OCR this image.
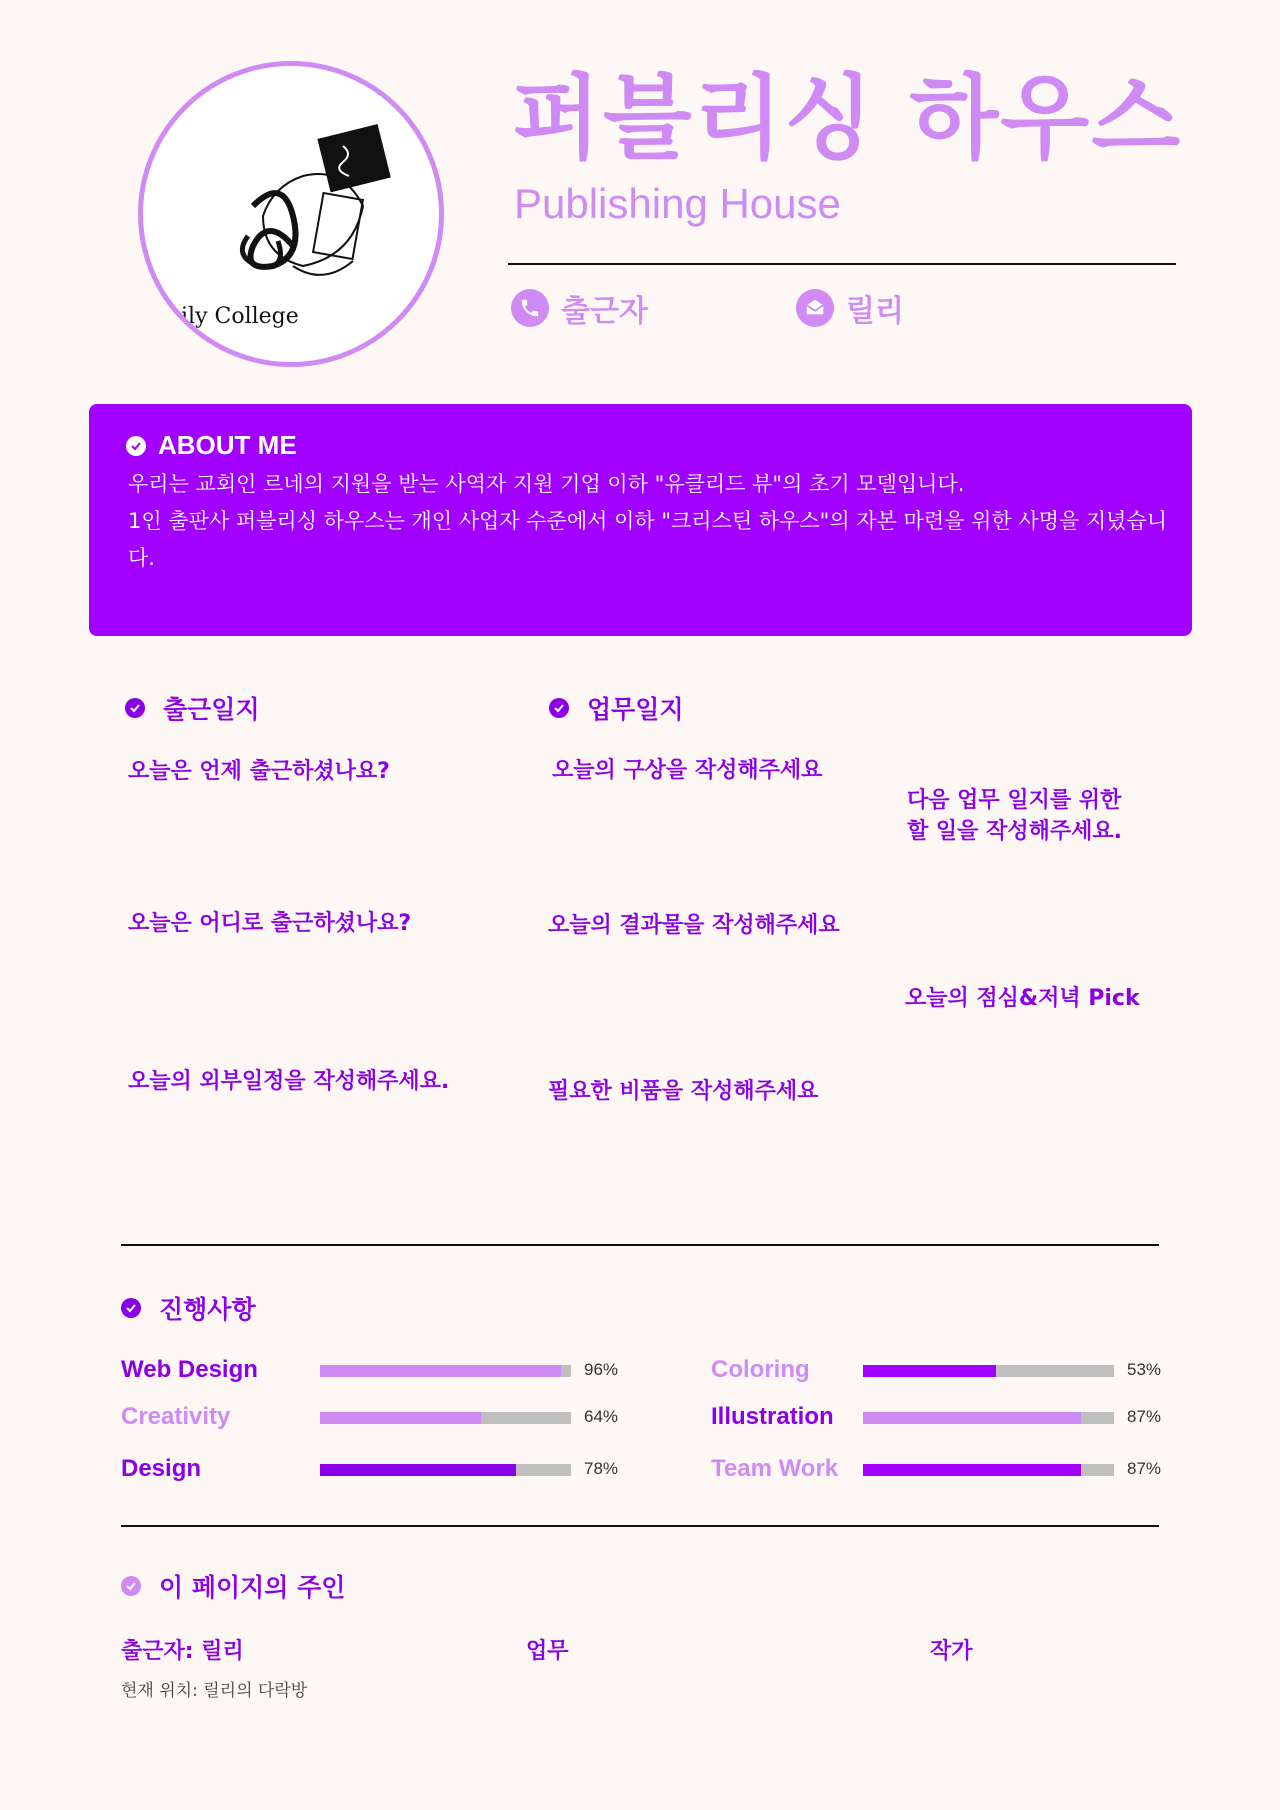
ily College
퍼블리싱 하우스
Publishing House
출근자	릴리
ABOUT ME
우리는 교회인 르네의 지원을 받는 사역자 지원 기업 이하 "유클리드 뷰"의 초기 모델입니다.
1인 출판사 퍼블리싱 하우스는 개인 사업자 수준에서 이하 "크리스틴 하우스"의 자본 마련을 위한 사명을 지녔습니다.
출근일지
오늘은 언제 출근하셨나요?
오늘은 어디로 출근하셨나요?
오늘의 외부일정을 작성해주세요.
업무일지
오늘의 구상을 작성해주세요
오늘의 결과물을 작성해주세요
필요한 비품을 작성해주세요
다음 업무 일지를 위한
할 일을 작성해주세요.
오늘의 점심&저녁 Pick
진행사항
Web Design	96%
Creativity	64%
Design	78%
Coloring	53%
Illustration	87%
Team Work	87%
이 페이지의 주인
출근자: 릴리	업무	작가
현재 위치: 릴리의 다락방
